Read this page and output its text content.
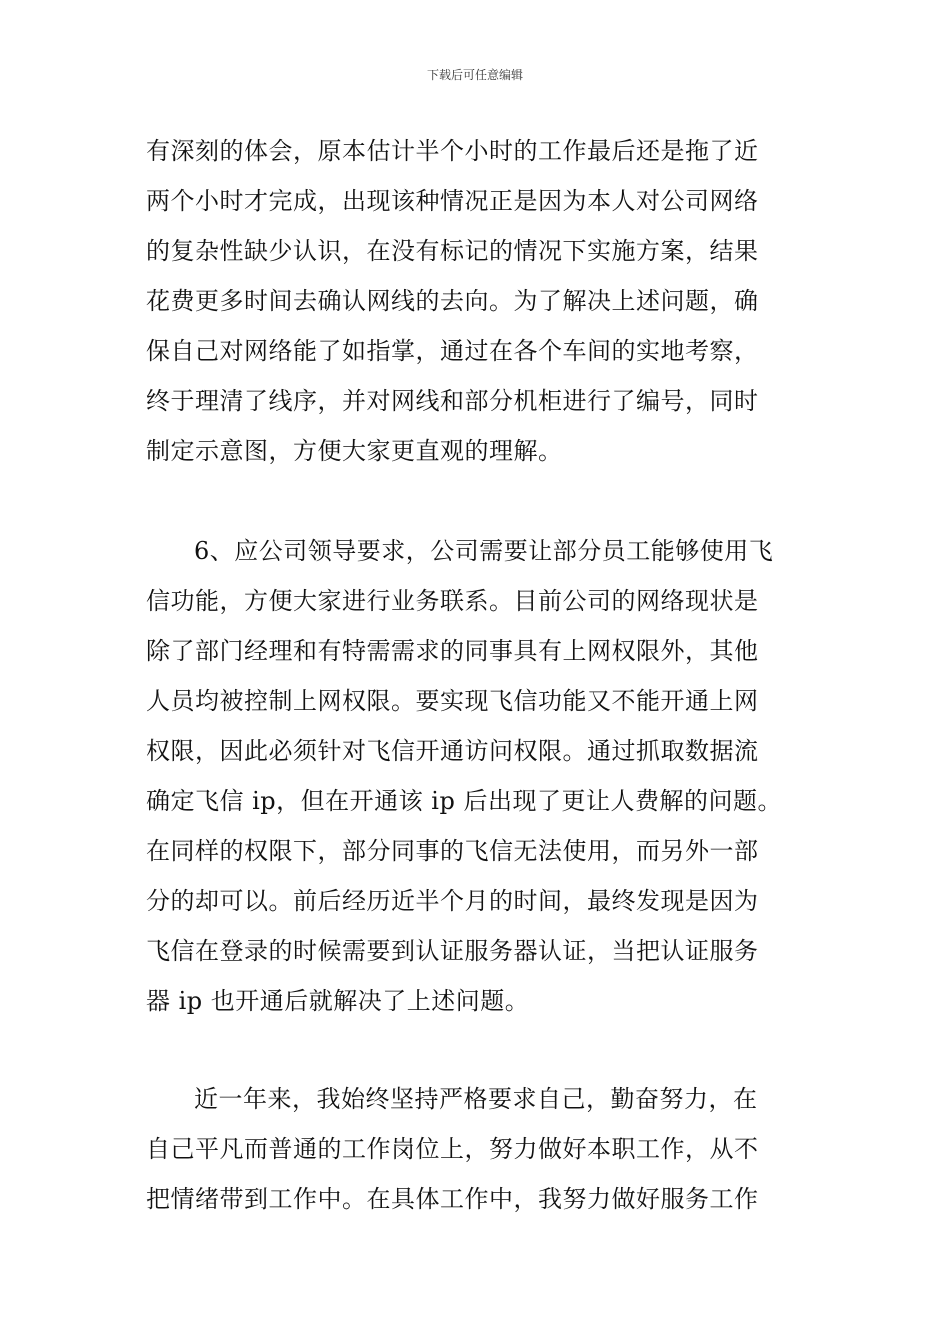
下载后可任意编辑
有深刻的体会，原本估计半个小时的工作最后还是拖了近
两个小时才完成，出现该种情况正是因为本人对公司网络
的复杂性缺少认识，在没有标记的情况下实施方案，结果
花费更多时间去确认网线的去向。为了解决上述问题，确
保自己对网络能了如指掌，通过在各个车间的实地考察，
终于理清了线序，并对网线和部分机柜进行了编号，同时
制定示意图，方便大家更直观的理解。
6、应公司领导要求，公司需要让部分员工能够使用飞
信功能，方便大家进行业务联系。目前公司的网络现状是
除了部门经理和有特需需求的同事具有上网权限外，其他
人员均被控制上网权限。要实现飞信功能又不能开通上网
权限，因此必须针对飞信开通访问权限。通过抓取数据流
确定飞信 ip，但在开通该 ip 后出现了更让人费解的问题。
在同样的权限下，部分同事的飞信无法使用，而另外一部
分的却可以。前后经历近半个月的时间，最终发现是因为
飞信在登录的时候需要到认证服务器认证，当把认证服务
器 ip 也开通后就解决了上述问题。
近一年来，我始终坚持严格要求自己，勤奋努力，在
自己平凡而普通的工作岗位上，努力做好本职工作，从不
把情绪带到工作中。在具体工作中，我努力做好服务工作
